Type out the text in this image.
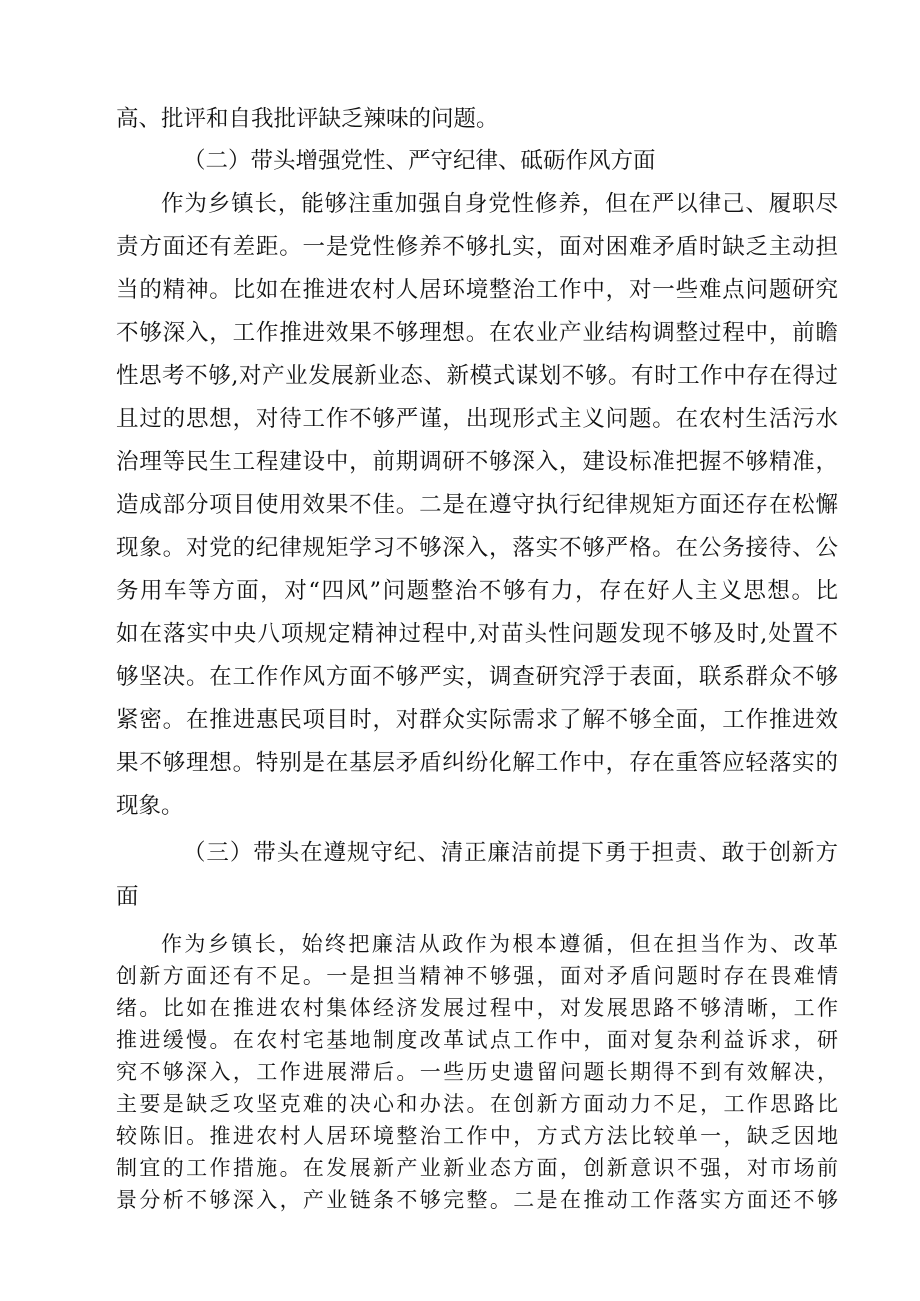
高、批评和自我批评缺乏辣味的问题。
（二）带头增强党性、严守纪律、砥砺作风方面
作为乡镇长，能够注重加强自身党性修养，但在严以律己、履职尽
责方面还有差距。一是党性修养不够扎实，面对困难矛盾时缺乏主动担
当的精神。比如在推进农村人居环境整治工作中，对一些难点问题研究
不够深入，工作推进效果不够理想。在农业产业结构调整过程中，前瞻
性思考不够,对产业发展新业态、新模式谋划不够。有时工作中存在得过
且过的思想，对待工作不够严谨，出现形式主义问题。在农村生活污水
治理等民生工程建设中，前期调研不够深入，建设标准把握不够精准，
造成部分项目使用效果不佳。二是在遵守执行纪律规矩方面还存在松懈
现象。对党的纪律规矩学习不够深入，落实不够严格。在公务接待、公
务用车等方面，对“四风”问题整治不够有力，存在好人主义思想。比
如在落实中央八项规定精神过程中,对苗头性问题发现不够及时,处置不
够坚决。在工作作风方面不够严实，调查研究浮于表面，联系群众不够
紧密。在推进惠民项目时，对群众实际需求了解不够全面，工作推进效
果不够理想。特别是在基层矛盾纠纷化解工作中，存在重答应轻落实的
现象。
（三）带头在遵规守纪、清正廉洁前提下勇于担责、敢于创新方
面
作为乡镇长，始终把廉洁从政作为根本遵循，但在担当作为、改革
创新方面还有不足。一是担当精神不够强，面对矛盾问题时存在畏难情
绪。比如在推进农村集体经济发展过程中，对发展思路不够清晰，工作
推进缓慢。在农村宅基地制度改革试点工作中，面对复杂利益诉求，研
究不够深入，工作进展滞后。一些历史遗留问题长期得不到有效解决，
主要是缺乏攻坚克难的决心和办法。在创新方面动力不足，工作思路比
较陈旧。推进农村人居环境整治工作中，方式方法比较单一，缺乏因地
制宜的工作措施。在发展新产业新业态方面，创新意识不强，对市场前
景分析不够深入，产业链条不够完整。二是在推动工作落实方面还不够
